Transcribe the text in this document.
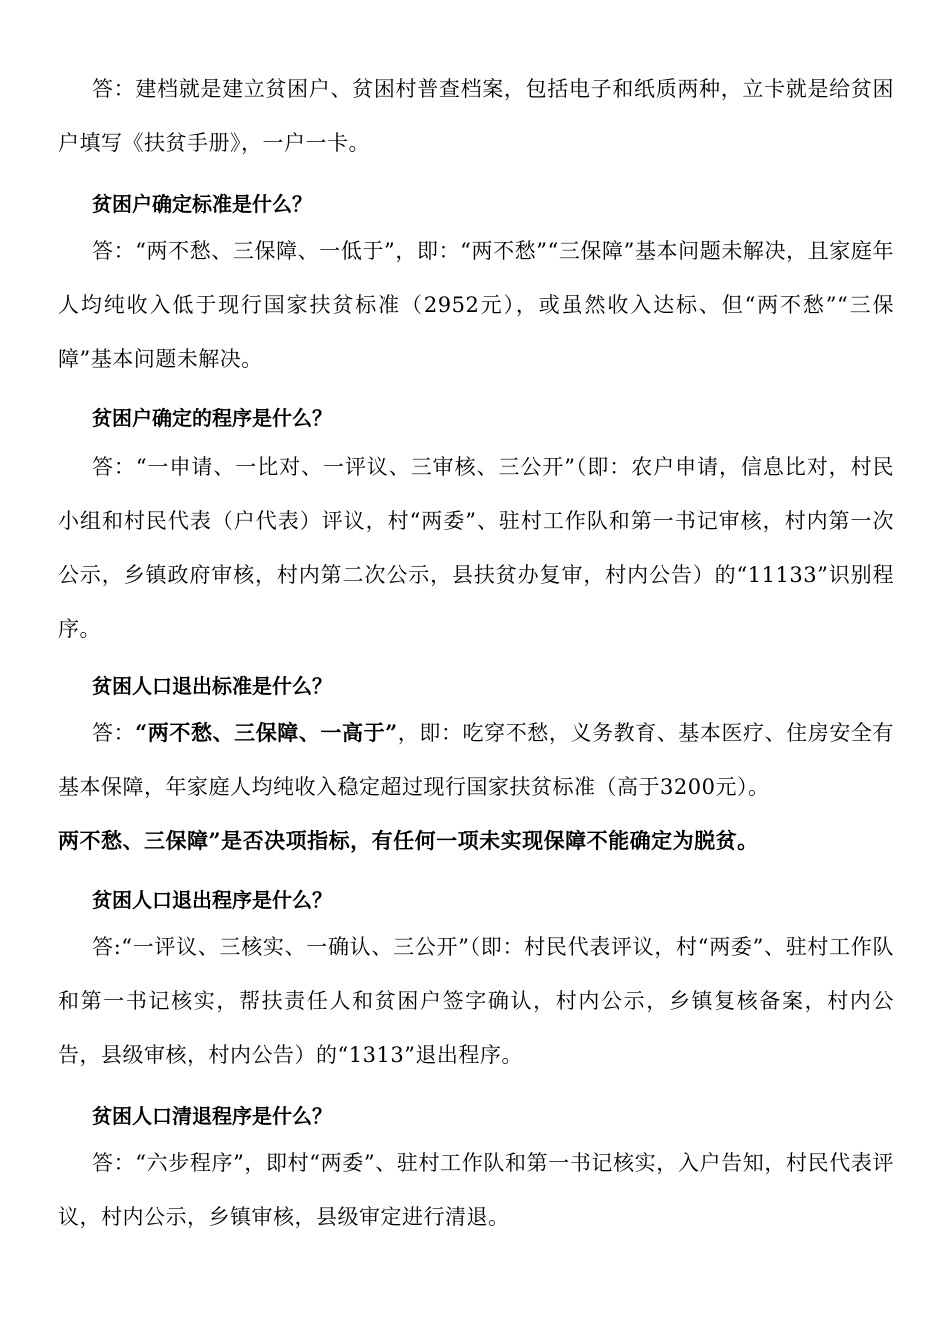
答：建档就是建立贫困户、贫困村普查档案，包括电子和纸质两种，立卡就是给贫困户填写《扶贫手册》，一户一卡。

贫困户确定标准是什么？

答：“两不愁、三保障、一低于”，即：“两不愁”“三保障”基本问题未解决，且家庭年人均纯收入低于现行国家扶贫标准（2952元），或虽然收入达标、但“两不愁”“三保障”基本问题未解决。

贫困户确定的程序是什么？

答：“一申请、一比对、一评议、三审核、三公开”（即：农户申请，信息比对，村民小组和村民代表（户代表）评议，村“两委”、驻村工作队和第一书记审核，村内第一次公示，乡镇政府审核，村内第二次公示，县扶贫办复审，村内公告）的“11133”识别程序。

贫困人口退出标准是什么？

答：“两不愁、三保障、一高于”，即：吃穿不愁，义务教育、基本医疗、住房安全有基本保障，年家庭人均纯收入稳定超过现行国家扶贫标准（高于3200元）。

两不愁、三保障”是否决项指标，有任何一项未实现保障不能确定为脱贫。

贫困人口退出程序是什么？

答:“一评议、三核实、一确认、三公开”（即：村民代表评议，村“两委”、驻村工作队和第一书记核实，帮扶责任人和贫困户签字确认，村内公示，乡镇复核备案，村内公告，县级审核，村内公告）的“1313”退出程序。

贫困人口清退程序是什么？

答：“六步程序”，即村“两委”、驻村工作队和第一书记核实，入户告知，村民代表评议，村内公示，乡镇审核，县级审定进行清退。
